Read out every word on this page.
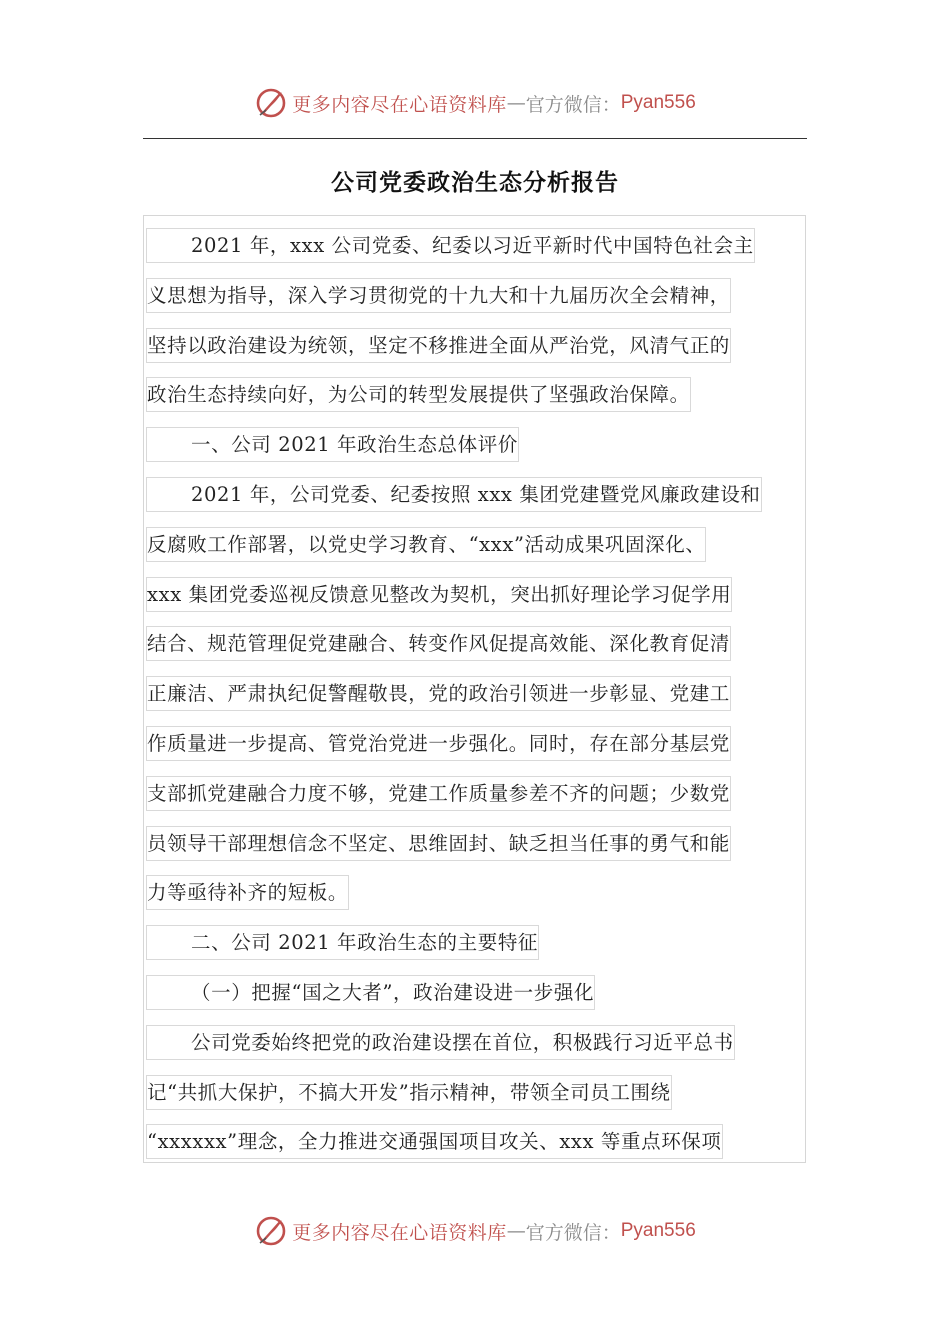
更多内容尽在心语资料库 — 官方微信： Pyan556
公司党委政治生态分析报告
2021 年，xxx 公司党委、纪委以习近平新时代中国特色社会主
义思想为指导，深入学习贯彻党的十九大和十九届历次全会精神，
坚持以政治建设为统领，坚定不移推进全面从严治党，风清气正的
政治生态持续向好，为公司的转型发展提供了坚强政治保障。
一、公司 2021 年政治生态总体评价
2021 年，公司党委、纪委按照 xxx 集团党建暨党风廉政建设和
反腐败工作部署，以党史学习教育、“xxx”活动成果巩固深化、
xxx 集团党委巡视反馈意见整改为契机，突出抓好理论学习促学用
结合、规范管理促党建融合、转变作风促提高效能、深化教育促清
正廉洁、严肃执纪促警醒敬畏，党的政治引领进一步彰显、党建工
作质量进一步提高、管党治党进一步强化。同时，存在部分基层党
支部抓党建融合力度不够，党建工作质量参差不齐的问题；少数党
员领导干部理想信念不坚定、思维固封、缺乏担当任事的勇气和能
力等亟待补齐的短板。
二、公司 2021 年政治生态的主要特征
（一）把握“国之大者”，政治建设进一步强化
公司党委始终把党的政治建设摆在首位，积极践行习近平总书
记“共抓大保护，不搞大开发”指示精神，带领全司员工围绕
“xxxxxx”理念，全力推进交通强国项目攻关、xxx 等重点环保项
更多内容尽在心语资料库 — 官方微信： Pyan556
